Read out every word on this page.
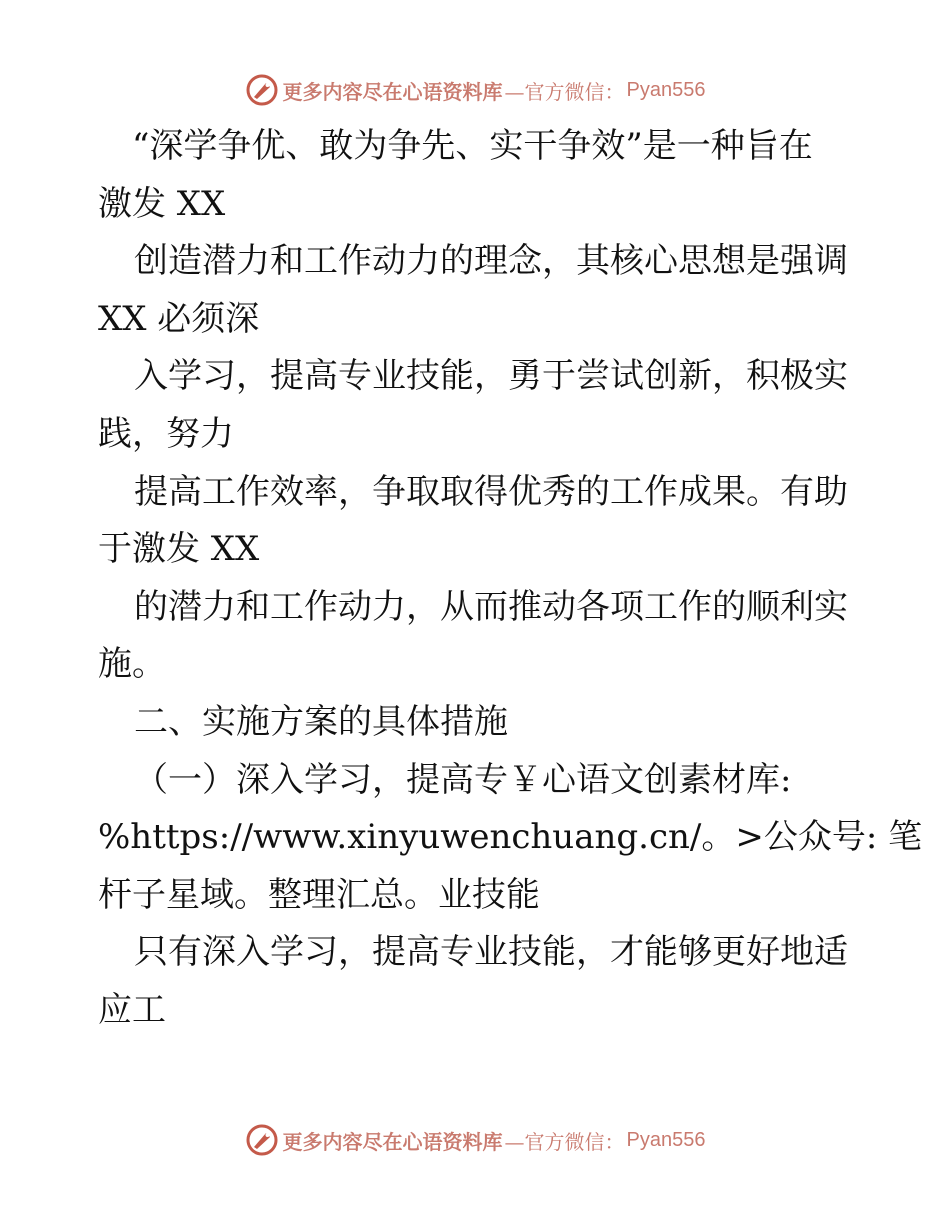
更多内容尽在心语资料库 —官方微信： Pyan556
“深学争优、敢为争先、实干争效”是一种旨在
激发 XX
创造潜力和工作动力的理念，其核心思想是强调
XX 必须深
入学习，提高专业技能，勇于尝试创新，积极实
践，努力
提高工作效率，争取取得优秀的工作成果。有助
于激发 XX
的潜力和工作动力，从而推动各项工作的顺利实
施。
二、实施方案的具体措施
（一）深入学习，提高专￥心语文创素材库:
%https://www.xinyuwenchuang.cn/。>公众号: 笔
杆子星域。整理汇总。业技能
只有深入学习，提高专业技能，才能够更好地适
应工
更多内容尽在心语资料库 —官方微信： Pyan556
